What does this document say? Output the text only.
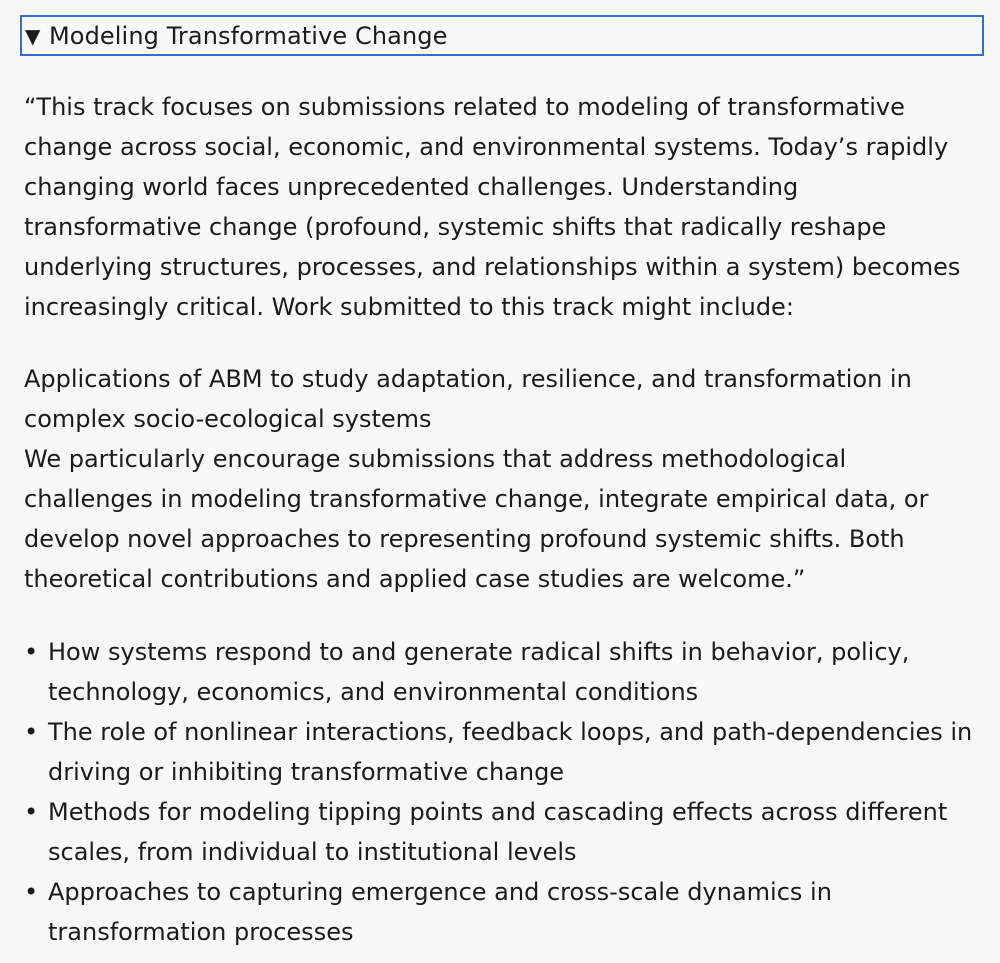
▼ Modeling Transformative Change

“This track focuses on submissions related to modeling of transformative change across social, economic, and environmental systems. Today’s rapidly changing world faces unprecedented challenges. Understanding transformative change (profound, systemic shifts that radically reshape underlying structures, processes, and relationships within a system) becomes increasingly critical. Work submitted to this track might include:

Applications of ABM to study adaptation, resilience, and transformation in complex socio-ecological systems
We particularly encourage submissions that address methodological challenges in modeling transformative change, integrate empirical data, or develop novel approaches to representing profound systemic shifts. Both theoretical contributions and applied case studies are welcome.”

• How systems respond to and generate radical shifts in behavior, policy, technology, economics, and environmental conditions
• The role of nonlinear interactions, feedback loops, and path-dependencies in driving or inhibiting transformative change
• Methods for modeling tipping points and cascading effects across different scales, from individual to institutional levels
• Approaches to capturing emergence and cross-scale dynamics in transformation processes
